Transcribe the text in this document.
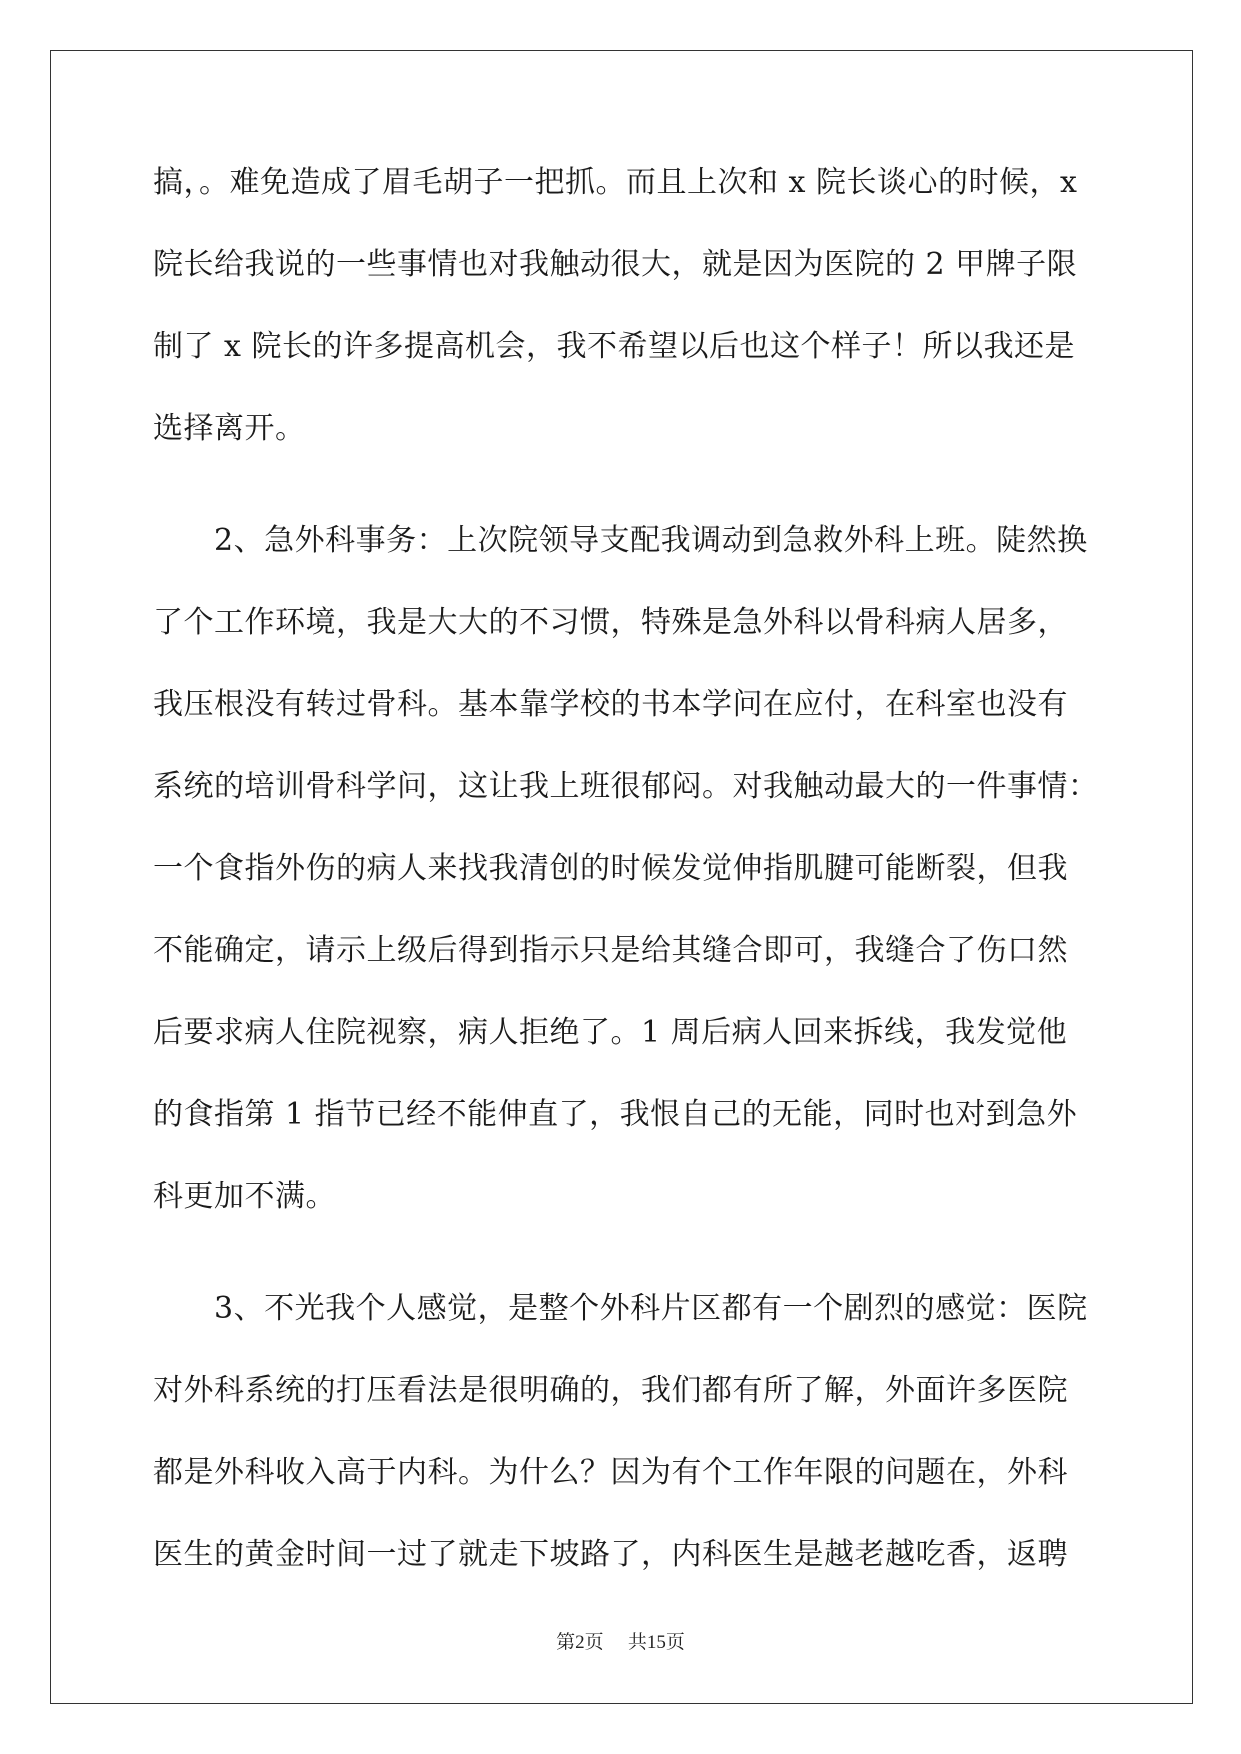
搞，。难免造成了眉毛胡子一把抓。而且上次和 x 院长谈心的时候，x
院长给我说的一些事情也对我触动很大，就是因为医院的 2 甲牌子限
制了 x 院长的许多提高机会，我不希望以后也这个样子！所以我还是
选择离开。
　　2、急外科事务：上次院领导支配我调动到急救外科上班。陡然换
了个工作环境，我是大大的不习惯，特殊是急外科以骨科病人居多，
我压根没有转过骨科。基本靠学校的书本学问在应付，在科室也没有
系统的培训骨科学问，这让我上班很郁闷。对我触动最大的一件事情：
一个食指外伤的病人来找我清创的时候发觉伸指肌腱可能断裂，但我
不能确定，请示上级后得到指示只是给其缝合即可，我缝合了伤口然
后要求病人住院视察，病人拒绝了。1 周后病人回来拆线，我发觉他
的食指第 1 指节已经不能伸直了，我恨自己的无能，同时也对到急外
科更加不满。
　　3、不光我个人感觉，是整个外科片区都有一个剧烈的感觉：医院
对外科系统的打压看法是很明确的，我们都有所了解，外面许多医院
都是外科收入高于内科。为什么？因为有个工作年限的问题在，外科
医生的黄金时间一过了就走下坡路了，内科医生是越老越吃香，返聘
第2页 共15页
